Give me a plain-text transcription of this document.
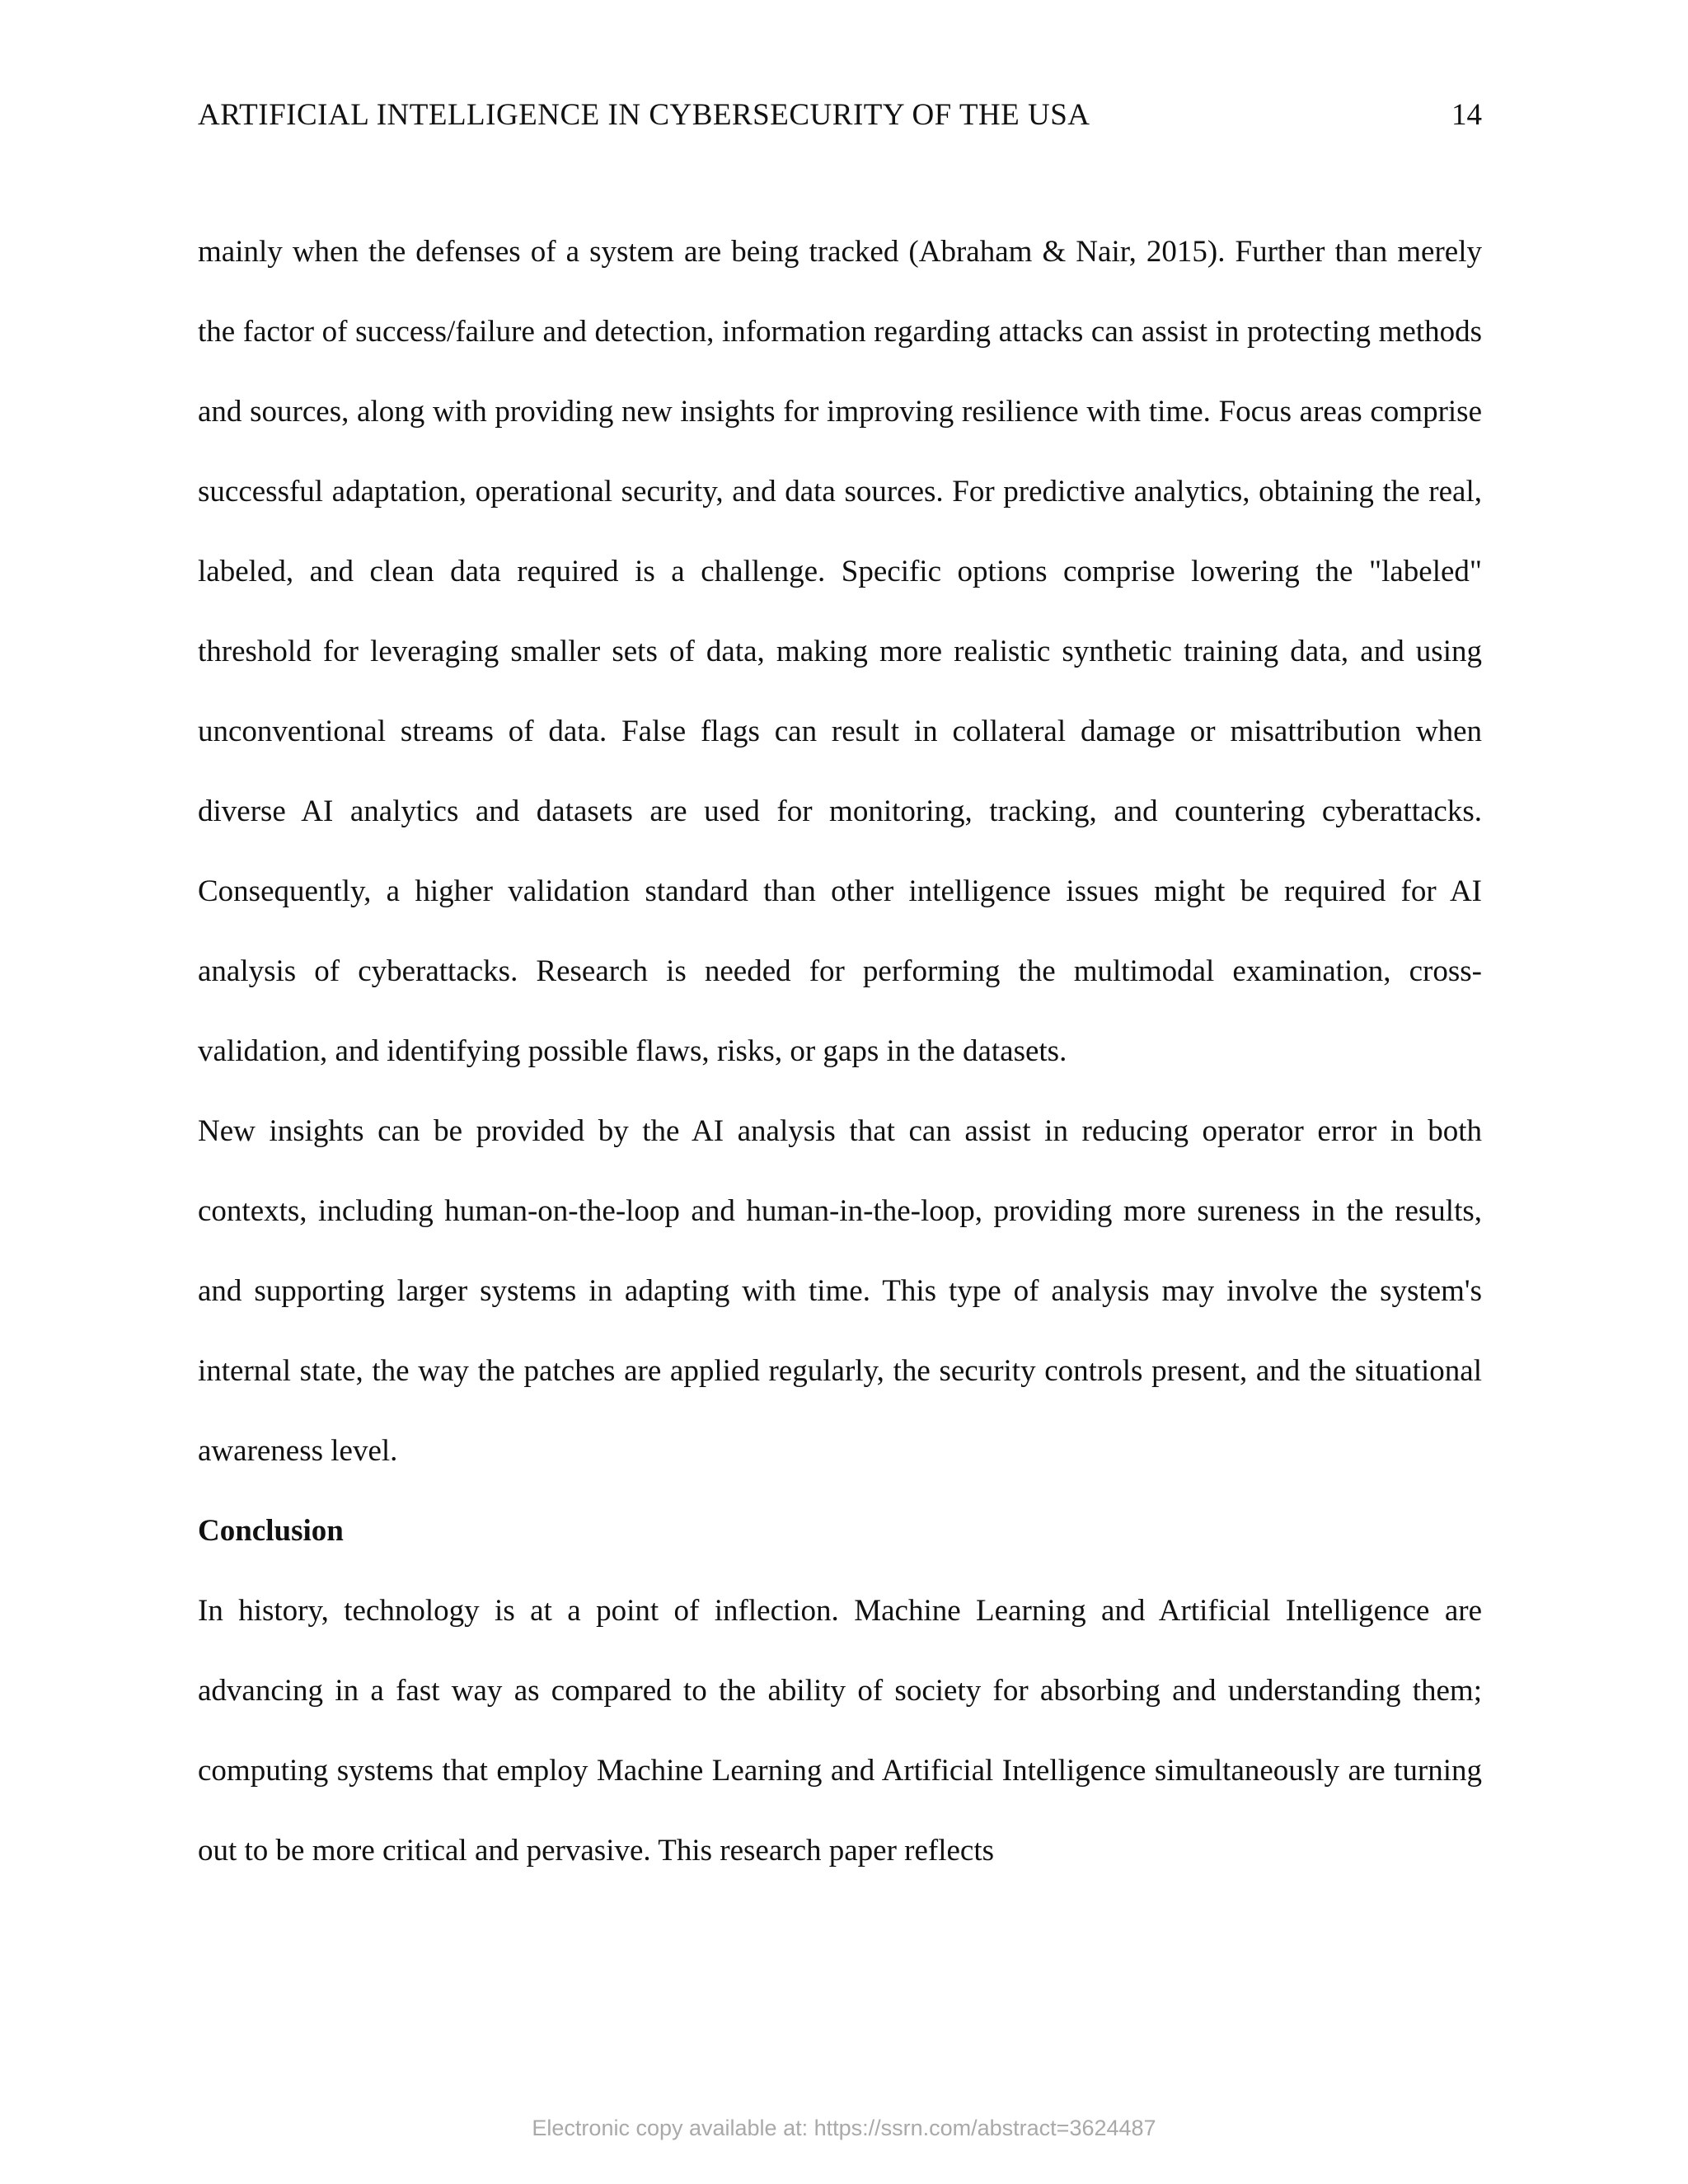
ARTIFICIAL INTELLIGENCE IN CYBERSECURITY OF THE USA	14

mainly when the defenses of a system are being tracked (Abraham & Nair, 2015). Further than merely the factor of success/failure and detection, information regarding attacks can assist in protecting methods and sources, along with providing new insights for improving resilience with time. Focus areas comprise successful adaptation, operational security, and data sources. For predictive analytics, obtaining the real, labeled, and clean data required is a challenge. Specific options comprise lowering the "labeled" threshold for leveraging smaller sets of data, making more realistic synthetic training data, and using unconventional streams of data. False flags can result in collateral damage or misattribution when diverse AI analytics and datasets are used for monitoring, tracking, and countering cyberattacks. Consequently, a higher validation standard than other intelligence issues might be required for AI analysis of cyberattacks. Research is needed for performing the multimodal examination, cross-validation, and identifying possible flaws, risks, or gaps in the datasets.

New insights can be provided by the AI analysis that can assist in reducing operator error in both contexts, including human-on-the-loop and human-in-the-loop, providing more sureness in the results, and supporting larger systems in adapting with time. This type of analysis may involve the system's internal state, the way the patches are applied regularly, the security controls present, and the situational awareness level.

Conclusion

In history, technology is at a point of inflection. Machine Learning and Artificial Intelligence are advancing in a fast way as compared to the ability of society for absorbing and understanding them; computing systems that employ Machine Learning and Artificial Intelligence simultaneously are turning out to be more critical and pervasive. This research paper reflects

Electronic copy available at: https://ssrn.com/abstract=3624487
